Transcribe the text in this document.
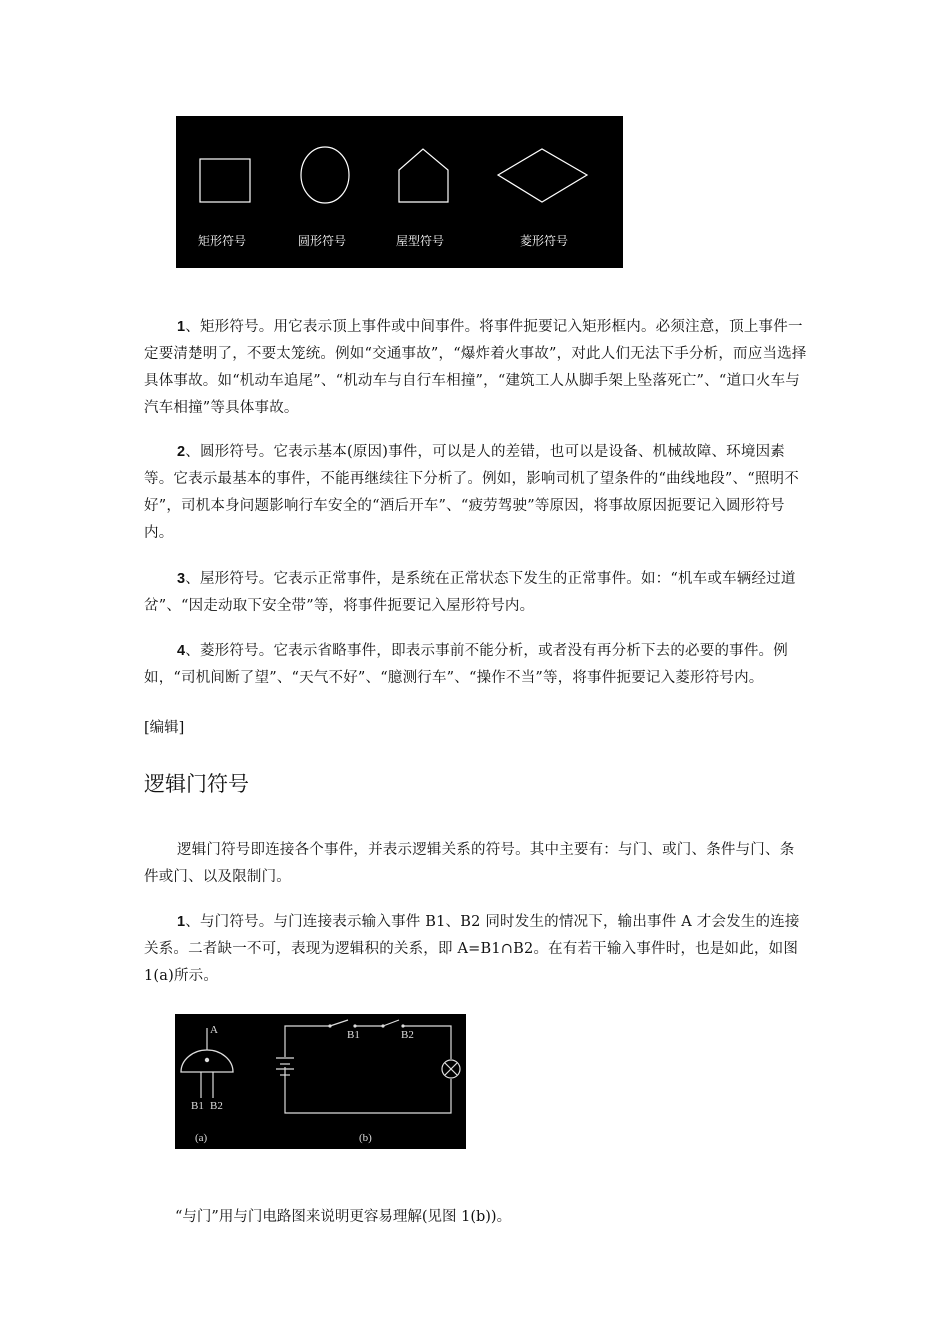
矩形符号	圆形符号	屋型符号	菱形符号

1、矩形符号。用它表示顶上事件或中间事件。将事件扼要记入矩形框内。必须注意，顶上事件一定要清楚明了，不要太笼统。例如“交通事故”，“爆炸着火事故”，对此人们无法下手分析，而应当选择具体事故。如“机动车追尾”、“机动车与自行车相撞”，“建筑工人从脚手架上坠落死亡”、“道口火车与汽车相撞”等具体事故。

2、圆形符号。它表示基本(原因)事件，可以是人的差错，也可以是设备、机械故障、环境因素等。它表示最基本的事件，不能再继续往下分析了。例如，影响司机了望条件的“曲线地段”、“照明不好”，司机本身问题影响行车安全的“酒后开车”、“疲劳驾驶”等原因，将事故原因扼要记入圆形符号内。

3、屋形符号。它表示正常事件，是系统在正常状态下发生的正常事件。如：“机车或车辆经过道岔”、“因走动取下安全带”等，将事件扼要记入屋形符号内。

4、菱形符号。它表示省略事件，即表示事前不能分析，或者没有再分析下去的必要的事件。例如，“司机间断了望”、“天气不好”、“臆测行车”、“操作不当”等，将事件扼要记入菱形符号内。

[编辑]
逻辑门符号

逻辑门符号即连接各个事件，并表示逻辑关系的符号。其中主要有：与门、或门、条件与门、条件或门、以及限制门。

1、与门符号。与门连接表示输入事件 B1、B2 同时发生的情况下，输出事件 A 才会发生的连接关系。二者缺一不可，表现为逻辑积的关系，即 A=B1∩B2。在有若干输入事件时，也是如此，如图 1(a)所示。

A
B1 B2
B1	B2
(a)	(b)
“与门”用与门电路图来说明更容易理解(见图 1(b))。
